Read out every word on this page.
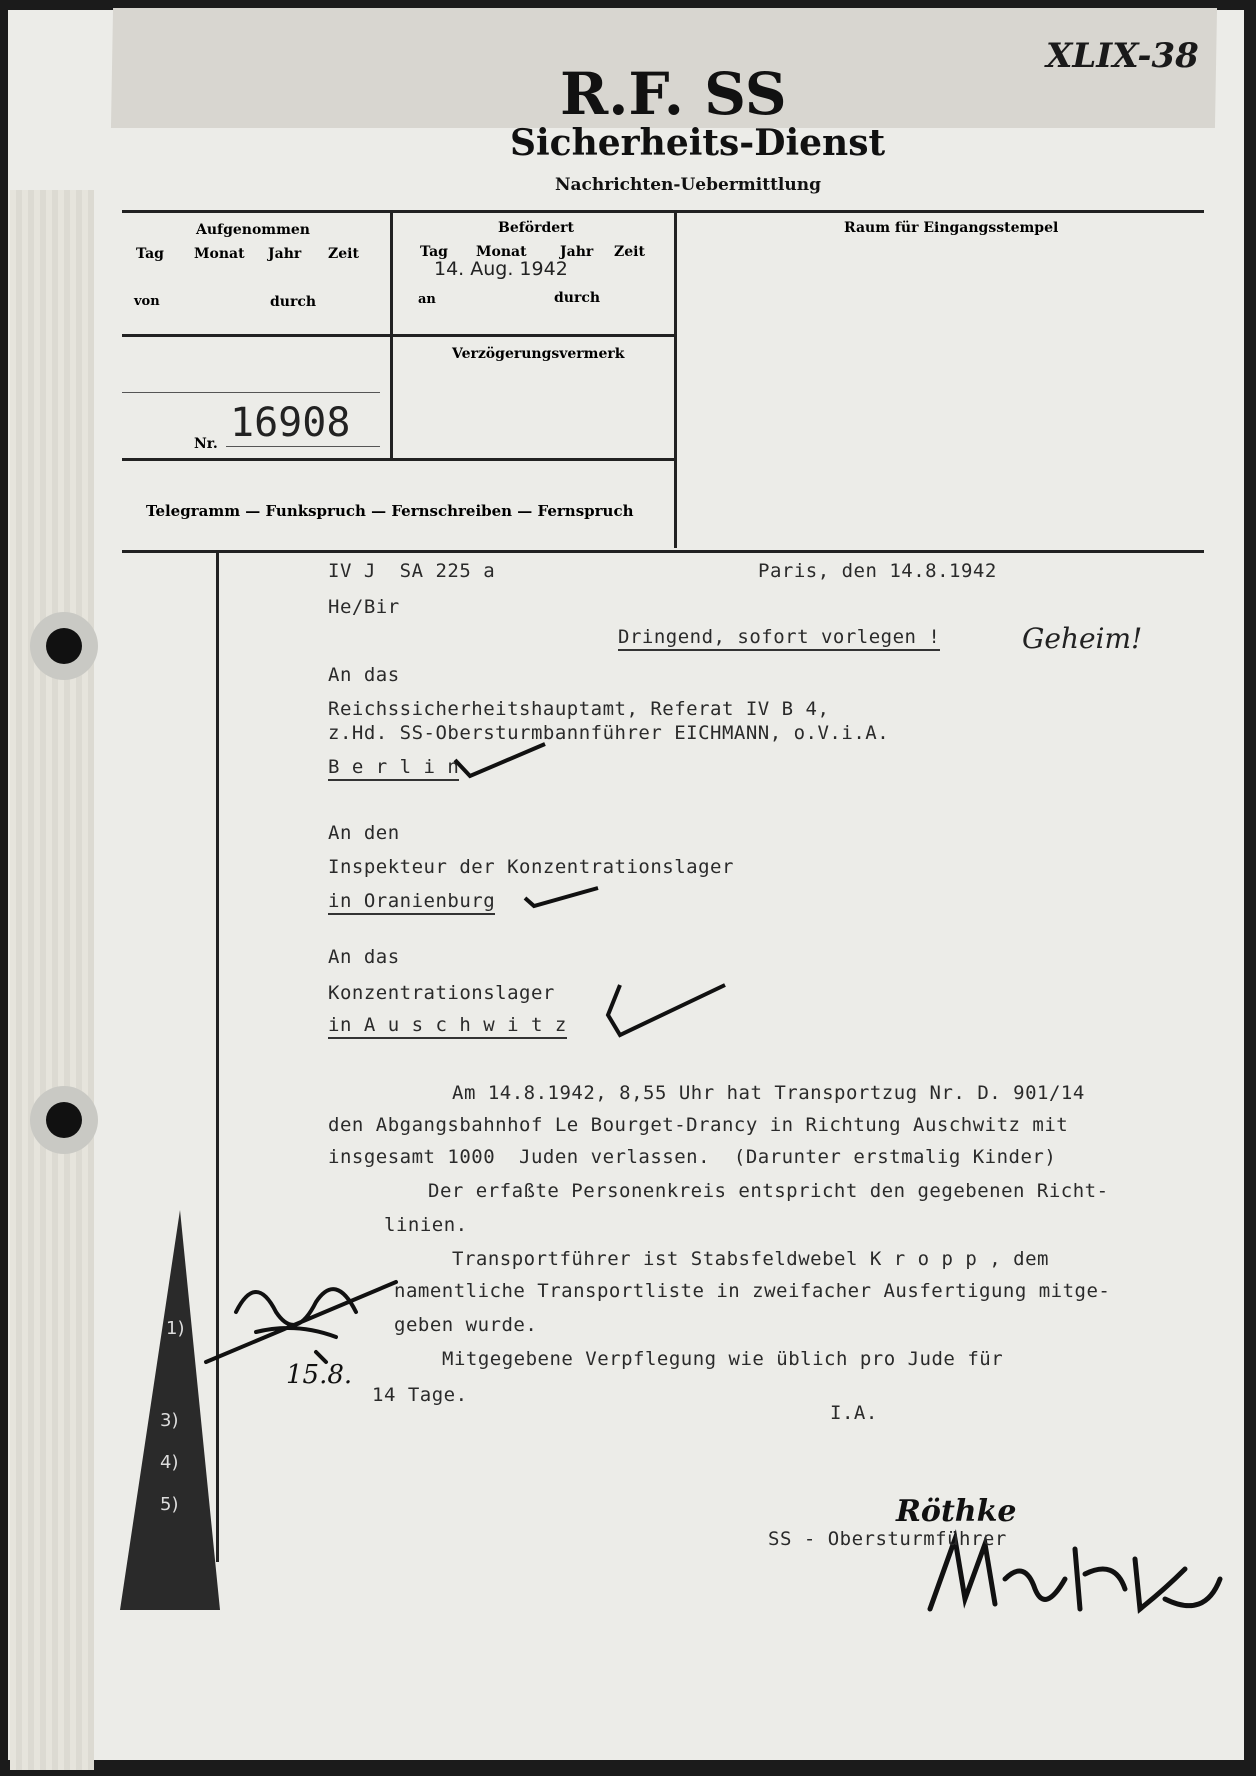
XLIX-38
R.F. SS
Sicherheits-Dienst
Nachrichten-Uebermittlung
Aufgenommen
Tag Monat Jahr Zeit
von	durch
Befördert
Tag Monat Jahr Zeit
14. Aug. 1942
an	durch
Verzögerungsvermerk
Raum für Eingangsstempel
Nr. 16908
Telegramm — Funkspruch — Fernschreiben — Fernspruch
IV J  SA 225 a
He/Bir
Paris, den 14.8.1942
Dringend, sofort vorlegen !	Geheim!
An das
Reichssicherheitshauptamt, Referat IV B 4,
z.Hd. SS-Obersturmbannführer EICHMANN, o.V.i.A.
B e r l i n
An den
Inspekteur der Konzentrationslager
in Oranienburg
An das
Konzentrationslager
in A u s c h w i t z
Am 14.8.1942, 8,55 Uhr hat Transportzug Nr. D. 901/14
den Abgangsbahnhof Le Bourget-Drancy in Richtung Auschwitz mit
insgesamt 1000  Juden verlassen.  (Darunter erstmalig Kinder)
Der erfaßte Personenkreis entspricht den gegebenen Richt-
linien.
Transportführer ist Stabsfeldwebel K r o p p , dem
namentliche Transportliste in zweifacher Ausfertigung mitge-
geben wurde.
Mitgegebene Verpflegung wie üblich pro Jude für
14 Tage.
I.A.

Röthke
SS - Obersturmführer
15.8.
1)
3)
4)
5)
